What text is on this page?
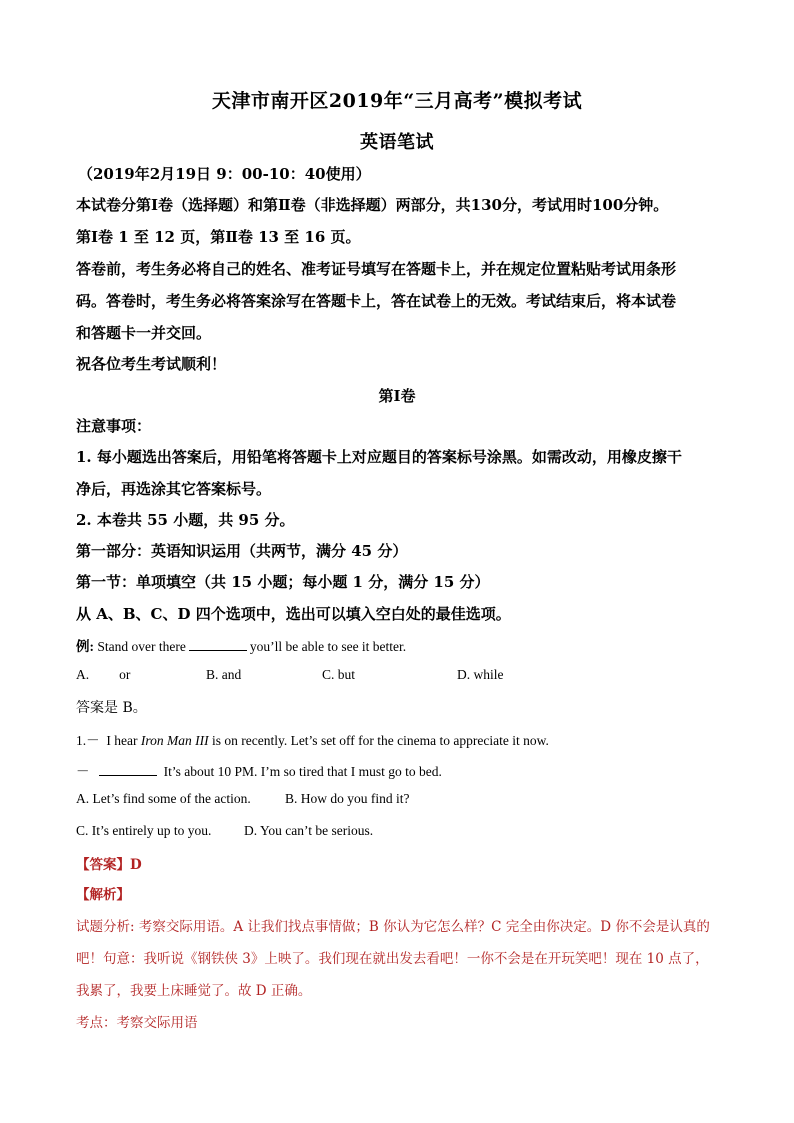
天津市南开区2019年“三月高考”模拟考试
英语笔试
（2019年2月19日 9：00-10：40使用）
本试卷分第Ⅰ卷（选择题）和第Ⅱ卷（非选择题）两部分，共130分，考试用时100分钟。
第Ⅰ卷 1 至 12 页，第Ⅱ卷 13 至 16 页。
答卷前，考生务必将自己的姓名、准考证号填写在答题卡上，并在规定位置粘贴考试用条形
码。答卷时，考生务必将答案涂写在答题卡上，答在试卷上的无效。考试结束后，将本试卷
和答题卡一并交回。
祝各位考生考试顺利！
第Ⅰ卷
注意事项：
1. 每小题选出答案后，用铅笔将答题卡上对应题目的答案标号涂黑。如需改动，用橡皮擦干
净后，再选涂其它答案标号。
2. 本卷共 55 小题，共 95 分。
第一部分：英语知识运用（共两节，满分 45 分）
第一节：单项填空（共 15 小题；每小题 1 分，满分 15 分）
从 A、B、C、D 四个选项中，选出可以填入空白处的最佳选项。
例: Stand over there	you’ll be able to see it better.
A. or	B. and	C. but	D. while
答案是 B。
1.－ I hear Iron Man III is on recently. Let’s set off for the cinema to appreciate it now.
－	It’s about 10 PM. I’m so tired that I must go to bed.
A. Let’s find some of the action.	B. How do you find it?
C. It’s entirely up to you. D. You can’t be serious.
【答案】D
【解析】
试题分析: 考察交际用语。A 让我们找点事情做；B 你认为它怎么样？C 完全由你决定。D 你不会是认真的
吧！句意：我听说《钢铁侠 3》上映了。我们现在就出发去看吧！一你不会是在开玩笑吧！现在 10 点了，
我累了，我要上床睡觉了。故 D 正确。
考点：考察交际用语
